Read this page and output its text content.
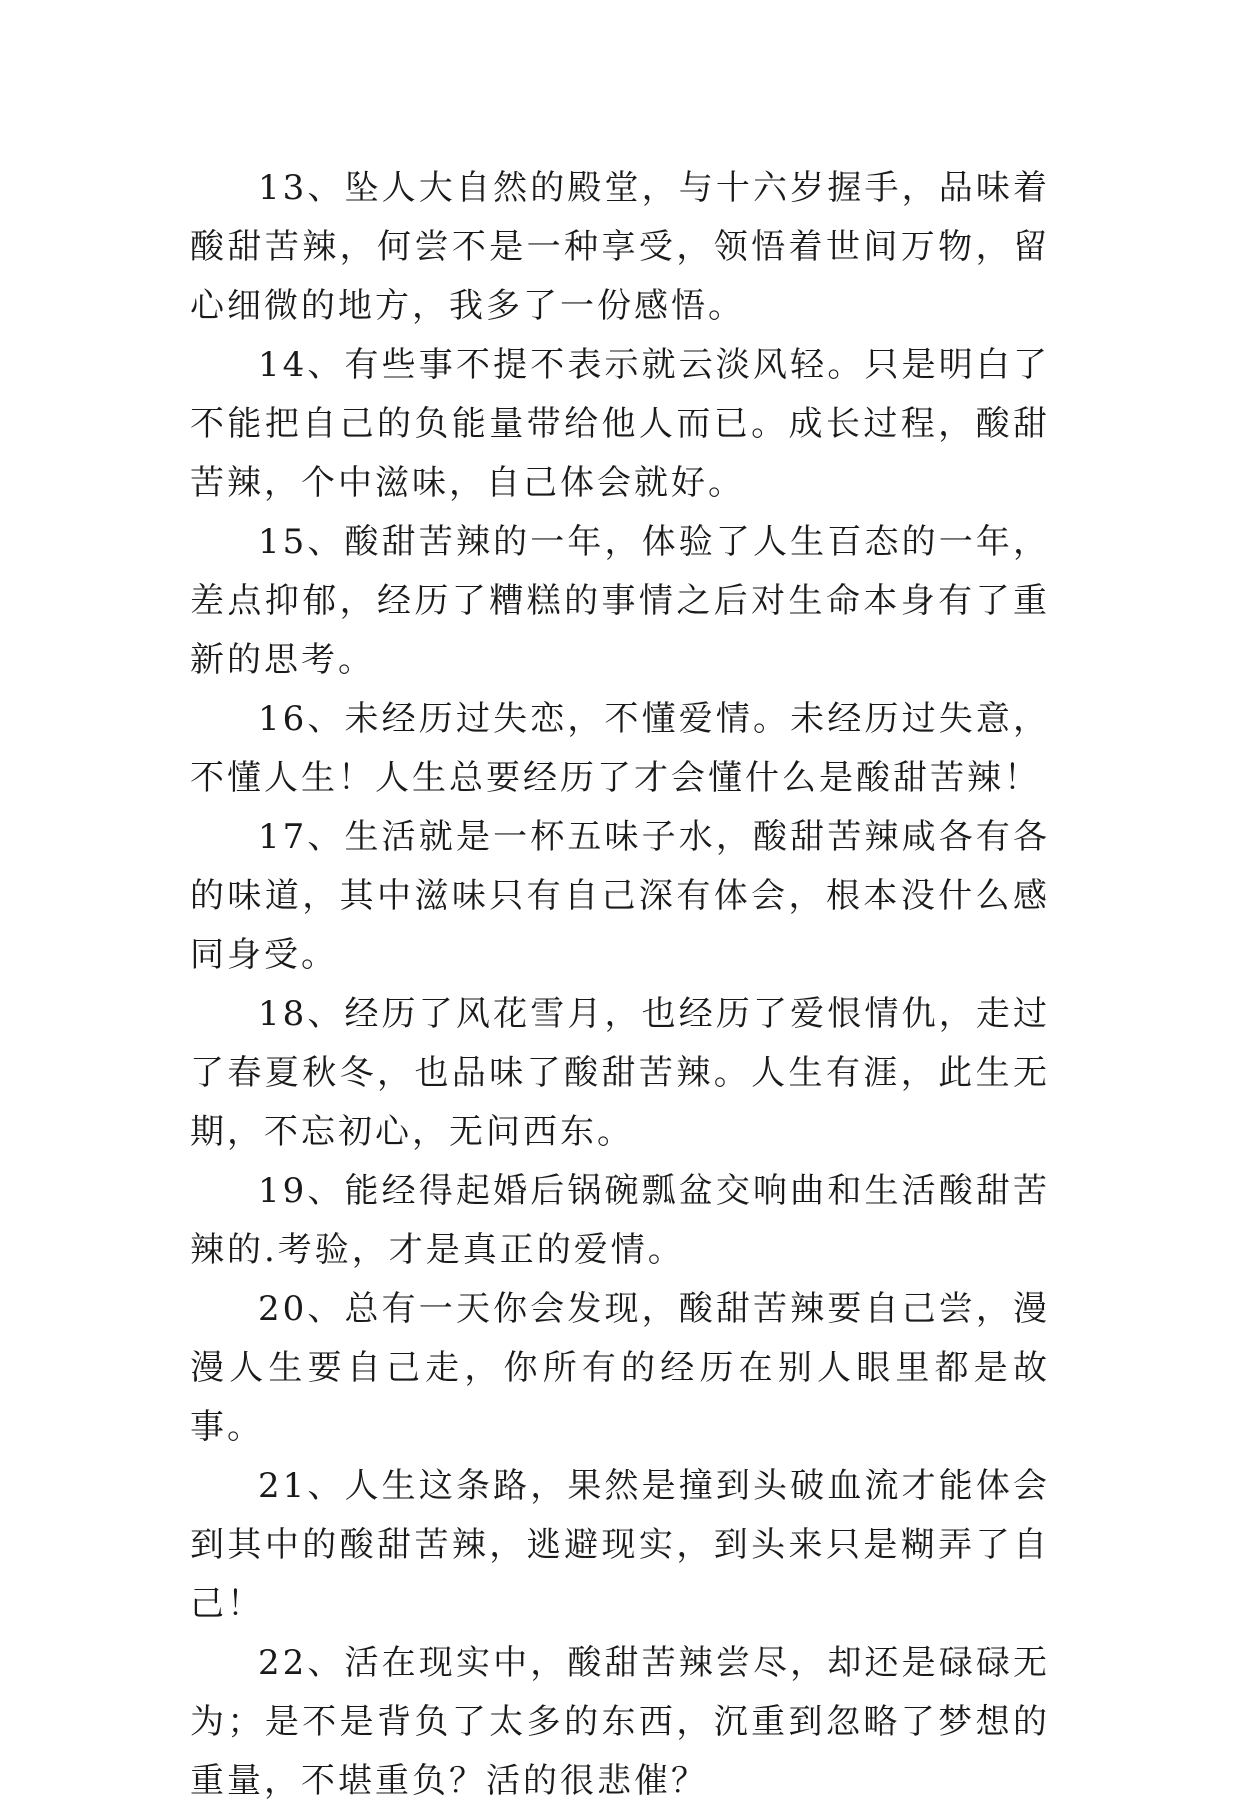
13、坠人大自然的殿堂，与十六岁握手，品味着酸甜苦辣，何尝不是一种享受，领悟着世间万物，留心细微的地方，我多了一份感悟。

14、有些事不提不表示就云淡风轻。只是明白了不能把自己的负能量带给他人而已。成长过程，酸甜苦辣，个中滋味，自己体会就好。

15、酸甜苦辣的一年，体验了人生百态的一年，差点抑郁，经历了糟糕的事情之后对生命本身有了重新的思考。

16、未经历过失恋，不懂爱情。未经历过失意，不懂人生！人生总要经历了才会懂什么是酸甜苦辣！

17、生活就是一杯五味子水，酸甜苦辣咸各有各的味道，其中滋味只有自己深有体会，根本没什么感同身受。

18、经历了风花雪月，也经历了爱恨情仇，走过了春夏秋冬，也品味了酸甜苦辣。人生有涯，此生无期，不忘初心，无问西东。

19、能经得起婚后锅碗瓢盆交响曲和生活酸甜苦辣的.考验，才是真正的爱情。

20、总有一天你会发现，酸甜苦辣要自己尝，漫漫人生要自己走，你所有的经历在别人眼里都是故事。

21、人生这条路，果然是撞到头破血流才能体会到其中的酸甜苦辣，逃避现实，到头来只是糊弄了自己！

22、活在现实中，酸甜苦辣尝尽，却还是碌碌无为；是不是背负了太多的东西，沉重到忽略了梦想的重量，不堪重负？活的很悲催？
